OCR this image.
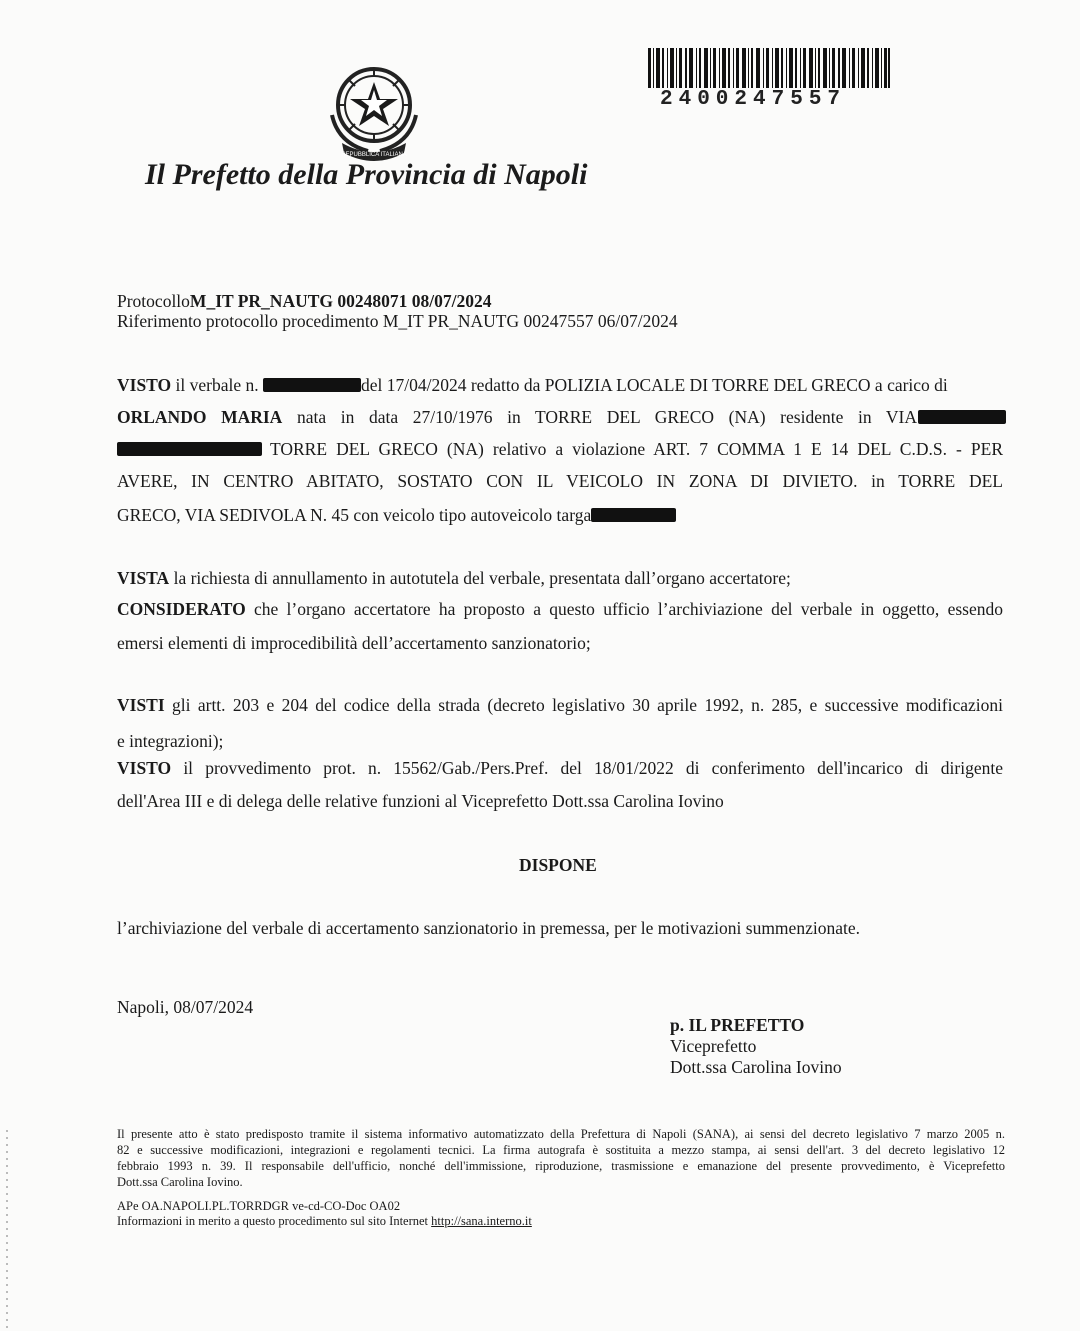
REPUBBLICA ITALIANA
2400247557
Il Prefetto della Provincia di Napoli
ProtocolloM_IT PR_NAUTG 00248071 08/07/2024
Riferimento protocollo procedimento M_IT PR_NAUTG 00247557 06/07/2024
VISTO il verbale n.	del 17/04/2024 redatto da POLIZIA LOCALE DI TORRE DEL GRECO a carico di
ORLANDO MARIA nata in data 27/10/1976 in TORRE DEL GRECO (NA) residente in VIA
TORRE DEL GRECO (NA) relativo a violazione ART. 7 COMMA 1 E 14 DEL C.D.S. - PER
AVERE, IN CENTRO ABITATO, SOSTATO CON IL VEICOLO IN ZONA DI DIVIETO. in TORRE DEL
GRECO, VIA SEDIVOLA N. 45 con veicolo tipo autoveicolo targa
VISTA la richiesta di annullamento in autotutela del verbale, presentata dall’organo accertatore;
CONSIDERATO che l’organo accertatore ha proposto a questo ufficio l’archiviazione del verbale in oggetto, essendo
emersi elementi di improcedibilità dell’accertamento sanzionatorio;
VISTI gli artt. 203 e 204 del codice della strada (decreto legislativo 30 aprile 1992, n. 285, e successive modificazioni
e integrazioni);
VISTO il provvedimento prot. n. 15562/Gab./Pers.Pref. del 18/01/2022 di conferimento dell'incarico di dirigente
dell'Area III e di delega delle relative funzioni al Viceprefetto Dott.ssa Carolina Iovino
DISPONE
l’archiviazione del verbale di accertamento sanzionatorio in premessa, per le motivazioni summenzionate.
Napoli, 08/07/2024
p. IL PREFETTO
Viceprefetto
Dott.ssa Carolina Iovino
Il presente atto è stato predisposto tramite il sistema informativo automatizzato della Prefettura di Napoli (SANA), ai sensi del decreto legislativo 7 marzo 2005 n.
82 e successive modificazioni, integrazioni e regolamenti tecnici. La firma autografa è sostituita a mezzo stampa, ai sensi dell'art. 3 del decreto legislativo 12
febbraio 1993 n. 39. Il responsabile dell'ufficio, nonché dell'immissione, riproduzione, trasmissione e emanazione del presente provvedimento, è Viceprefetto
Dott.ssa Carolina Iovino.
APe OA.NAPOLI.PL.TORRDGR ve-cd-CO-Doc OA02
Informazioni in merito a questo procedimento sul sito Internet http://sana.interno.it
